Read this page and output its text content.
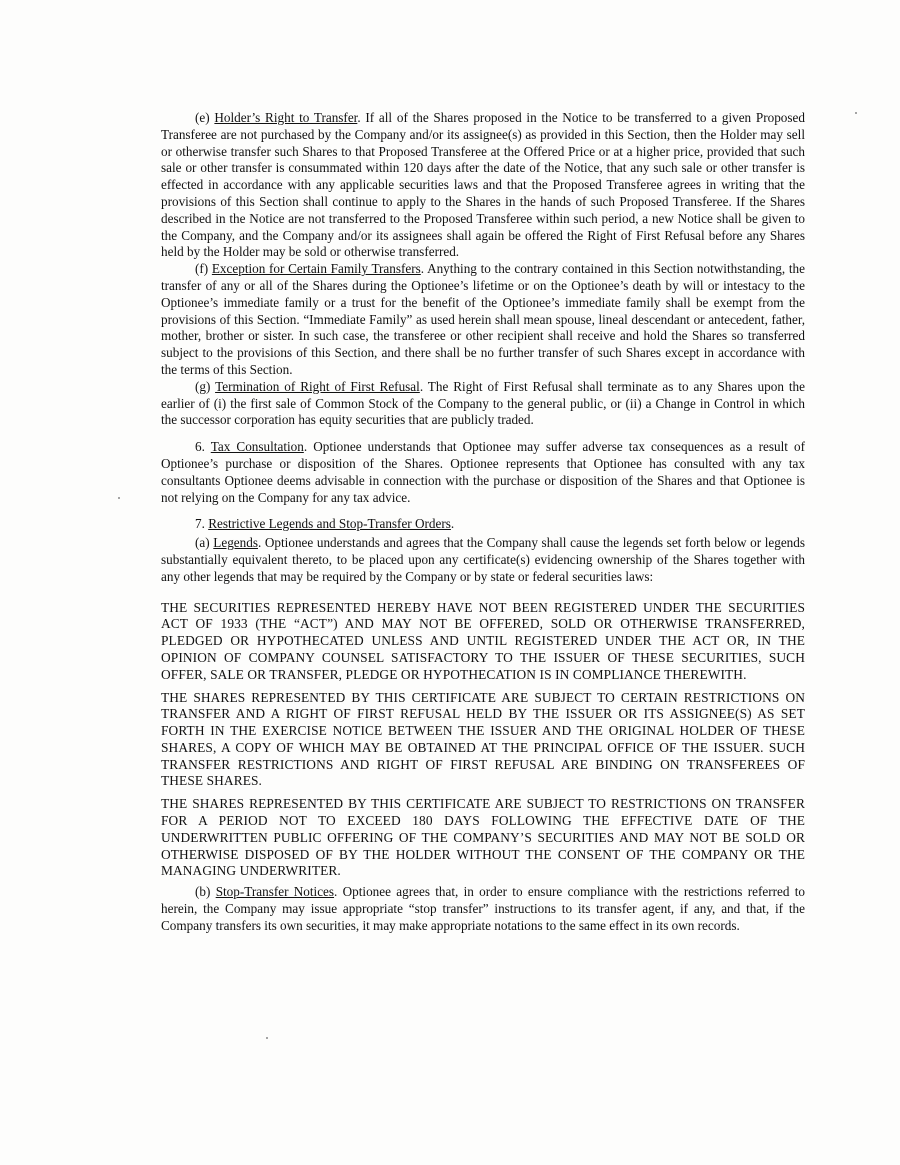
(e) Holder’s Right to Transfer. If all of the Shares proposed in the Notice to be transferred to a given Proposed Transferee are not purchased by the Company and/or its assignee(s) as provided in this Section, then the Holder may sell or otherwise transfer such Shares to that Proposed Transferee at the Offered Price or at a higher price, provided that such sale or other transfer is consummated within 120 days after the date of the Notice, that any such sale or other transfer is effected in accordance with any applicable securities laws and that the Proposed Transferee agrees in writing that the provisions of this Section shall continue to apply to the Shares in the hands of such Proposed Transferee. If the Shares described in the Notice are not transferred to the Proposed Transferee within such period, a new Notice shall be given to the Company, and the Company and/or its assignees shall again be offered the Right of First Refusal before any Shares held by the Holder may be sold or otherwise transferred.

(f) Exception for Certain Family Transfers. Anything to the contrary contained in this Section notwithstanding, the transfer of any or all of the Shares during the Optionee’s lifetime or on the Optionee’s death by will or intestacy to the Optionee’s immediate family or a trust for the benefit of the Optionee’s immediate family shall be exempt from the provisions of this Section. “Immediate Family” as used herein shall mean spouse, lineal descendant or antecedent, father, mother, brother or sister. In such case, the transferee or other recipient shall receive and hold the Shares so transferred subject to the provisions of this Section, and there shall be no further transfer of such Shares except in accordance with the terms of this Section.

(g) Termination of Right of First Refusal. The Right of First Refusal shall terminate as to any Shares upon the earlier of (i) the first sale of Common Stock of the Company to the general public, or (ii) a Change in Control in which the successor corporation has equity securities that are publicly traded.

6. Tax Consultation. Optionee understands that Optionee may suffer adverse tax consequences as a result of Optionee’s purchase or disposition of the Shares. Optionee represents that Optionee has consulted with any tax consultants Optionee deems advisable in connection with the purchase or disposition of the Shares and that Optionee is not relying on the Company for any tax advice.

7. Restrictive Legends and Stop-Transfer Orders.

(a) Legends. Optionee understands and agrees that the Company shall cause the legends set forth below or legends substantially equivalent thereto, to be placed upon any certificate(s) evidencing ownership of the Shares together with any other legends that may be required by the Company or by state or federal securities laws:

THE SECURITIES REPRESENTED HEREBY HAVE NOT BEEN REGISTERED UNDER THE SECURITIES ACT OF 1933 (THE “ACT”) AND MAY NOT BE OFFERED, SOLD OR OTHERWISE TRANSFERRED, PLEDGED OR HYPOTHECATED UNLESS AND UNTIL REGISTERED UNDER THE ACT OR, IN THE OPINION OF COMPANY COUNSEL SATISFACTORY TO THE ISSUER OF THESE SECURITIES, SUCH OFFER, SALE OR TRANSFER, PLEDGE OR HYPOTHECATION IS IN COMPLIANCE THEREWITH.

THE SHARES REPRESENTED BY THIS CERTIFICATE ARE SUBJECT TO CERTAIN RESTRICTIONS ON TRANSFER AND A RIGHT OF FIRST REFUSAL HELD BY THE ISSUER OR ITS ASSIGNEE(S) AS SET FORTH IN THE EXERCISE NOTICE BETWEEN THE ISSUER AND THE ORIGINAL HOLDER OF THESE SHARES, A COPY OF WHICH MAY BE OBTAINED AT THE PRINCIPAL OFFICE OF THE ISSUER. SUCH TRANSFER RESTRICTIONS AND RIGHT OF FIRST REFUSAL ARE BINDING ON TRANSFEREES OF THESE SHARES.

THE SHARES REPRESENTED BY THIS CERTIFICATE ARE SUBJECT TO RESTRICTIONS ON TRANSFER FOR A PERIOD NOT TO EXCEED 180 DAYS FOLLOWING THE EFFECTIVE DATE OF THE UNDERWRITTEN PUBLIC OFFERING OF THE COMPANY’S SECURITIES AND MAY NOT BE SOLD OR OTHERWISE DISPOSED OF BY THE HOLDER WITHOUT THE CONSENT OF THE COMPANY OR THE MANAGING UNDERWRITER.

(b) Stop-Transfer Notices. Optionee agrees that, in order to ensure compliance with the restrictions referred to herein, the Company may issue appropriate “stop transfer” instructions to its transfer agent, if any, and that, if the Company transfers its own securities, it may make appropriate notations to the same effect in its own records.
